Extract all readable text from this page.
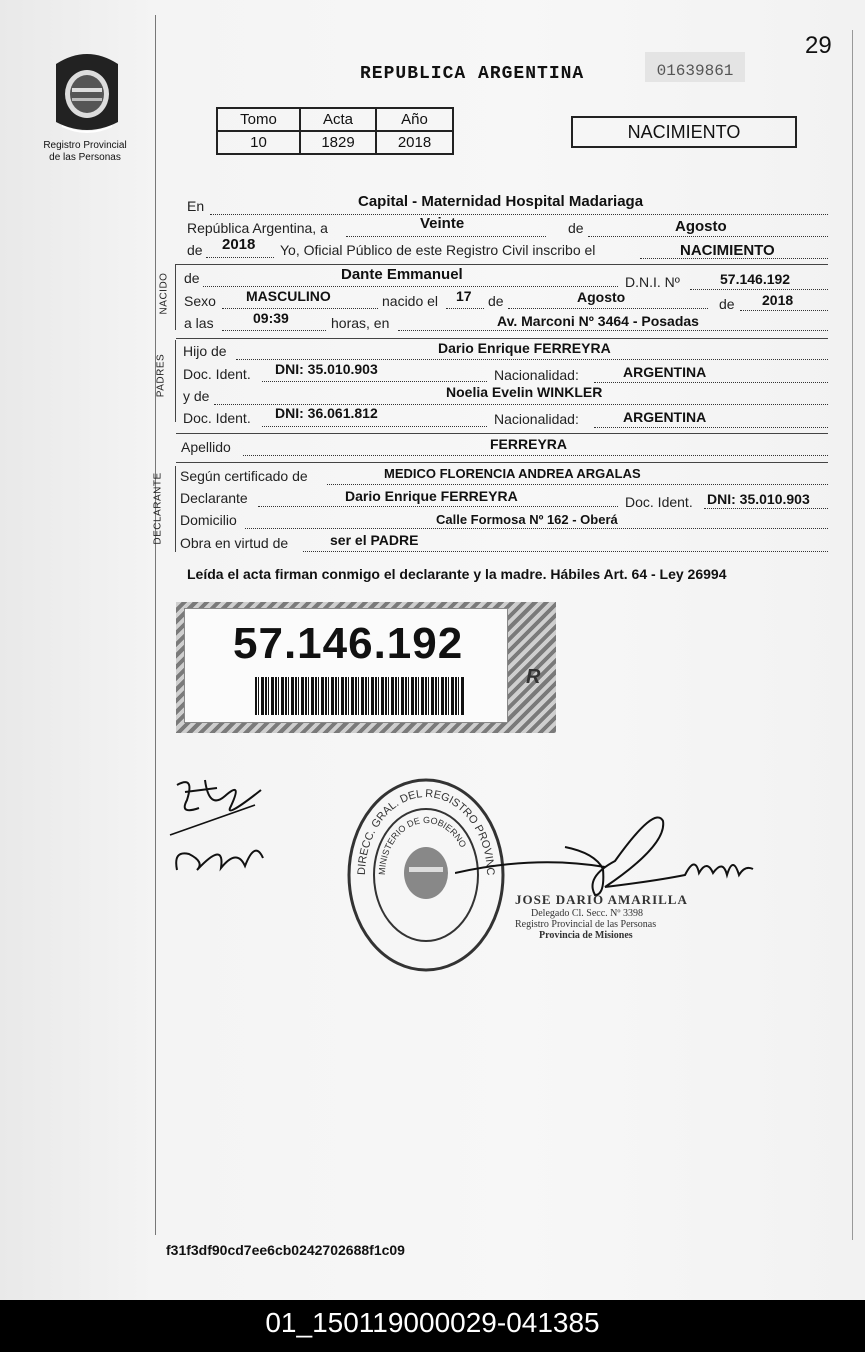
Registro Provincial
de las Personas
29
REPUBLICA ARGENTINA	01639861
Tomo	Acta	Año
10	1829	2018
NACIMIENTO
En	Capital - Maternidad Hospital Madariaga
República Argentina, a	Veinte	de	Agosto
de 2018 Yo, Oficial Público de este Registro Civil inscribo el	NACIMIENTO
NACIDO de	Dante Emmanuel	D.N.I. Nº	57.146.192
Sexo MASCULINO	nacido el 17 de	Agosto	de 2018
a las	09:39	horas, en	Av. Marconi Nº 3464 - Posadas
PADRES
Hijo de	Dario Enrique FERREYRA
Doc. Ident. DNI: 35.010.903	Nacionalidad:	ARGENTINA
y de	Noelia Evelin WINKLER
Doc. Ident. DNI: 36.061.812	Nacionalidad:	ARGENTINA
Apellido	FERREYRA
DECLARANTE Según certificado de	MEDICO FLORENCIA ANDREA ARGALAS
Declarante	Dario Enrique FERREYRA	Doc. Ident. DNI: 35.010.903
Domicilio	Calle Formosa Nº 162 - Oberá
Obra en virtud de	ser el PADRE
Leída el acta firman conmigo el declarante y la madre. Hábiles Art. 64 - Ley 26994
57.146.192
R
DIRECC. GRAL. DEL REGISTRO PROVINC
MINISTERIO DE GOBIERNO
JOSE DARIO AMARILLA
Delegado Cl. Secc. Nº 3398
Registro Provincial de las Personas
Provincia de Misiones
f31f3df90cd7ee6cb0242702688f1c09
01_150119000029-041385
